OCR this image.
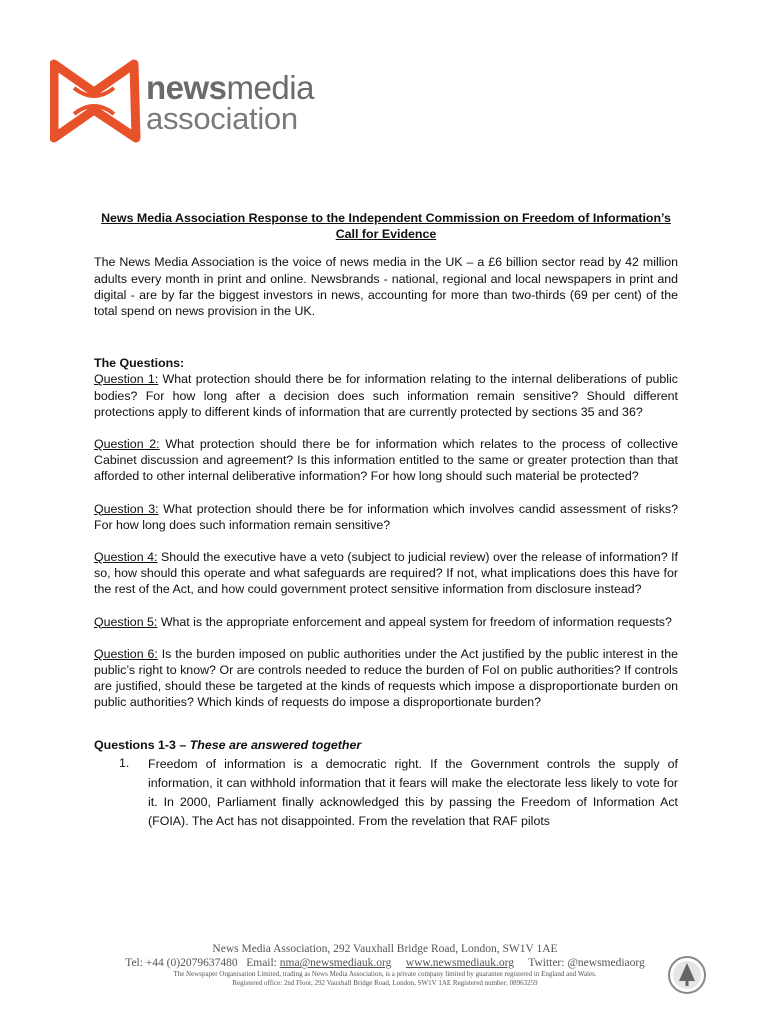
newsmedia
association
News Media Association Response to the Independent Commission on Freedom of Information’s
Call for Evidence

The News Media Association is the voice of news media in the UK – a £6 billion sector read by 42 million adults every month in print and online. Newsbrands - national, regional and local newspapers in print and digital - are by far the biggest investors in news, accounting for more than two-thirds (69 per cent) of the total spend on news provision in the UK.

The Questions:

Question 1: What protection should there be for information relating to the internal deliberations of public bodies? For how long after a decision does such information remain sensitive? Should different protections apply to different kinds of information that are currently protected by sections 35 and 36?

Question 2: What protection should there be for information which relates to the process of collective Cabinet discussion and agreement? Is this information entitled to the same or greater protection than that afforded to other internal deliberative information? For how long should such material be protected?

Question 3: What protection should there be for information which involves candid assessment of risks? For how long does such information remain sensitive?

Question 4: Should the executive have a veto (subject to judicial review) over the release of information? If so, how should this operate and what safeguards are required? If not, what implications does this have for the rest of the Act, and how could government protect sensitive information from disclosure instead?

Question 5: What is the appropriate enforcement and appeal system for freedom of information requests?

Question 6: Is the burden imposed on public authorities under the Act justified by the public interest in the public’s right to know? Or are controls needed to reduce the burden of FoI on public authorities? If controls are justified, should these be targeted at the kinds of requests which impose a disproportionate burden on public authorities? Which kinds of requests do impose a disproportionate burden?

Questions 1-3 – These are answered together
1.	Freedom of information is a democratic right. If the Government controls the supply of information, it can withhold information that it fears will make the electorate less likely to vote for it. In 2000, Parliament finally acknowledged this by passing the Freedom of Information Act (FOIA). The Act has not disappointed. From the revelation that RAF pilots

News Media Association, 292 Vauxhall Bridge Road, London, SW1V 1AE
Tel: +44 (0)2079637480 Email: nma@newsmediauk.org www.newsmediauk.org Twitter: @newsmediaorg
The Newspaper Organisation Limited, trading as News Media Association, is a private company limited by guarantee registered in England and Wales.
Registered office: 2nd Floor, 292 Vauxhall Bridge Road, London, SW1V 1AE Registered number: 08963259
